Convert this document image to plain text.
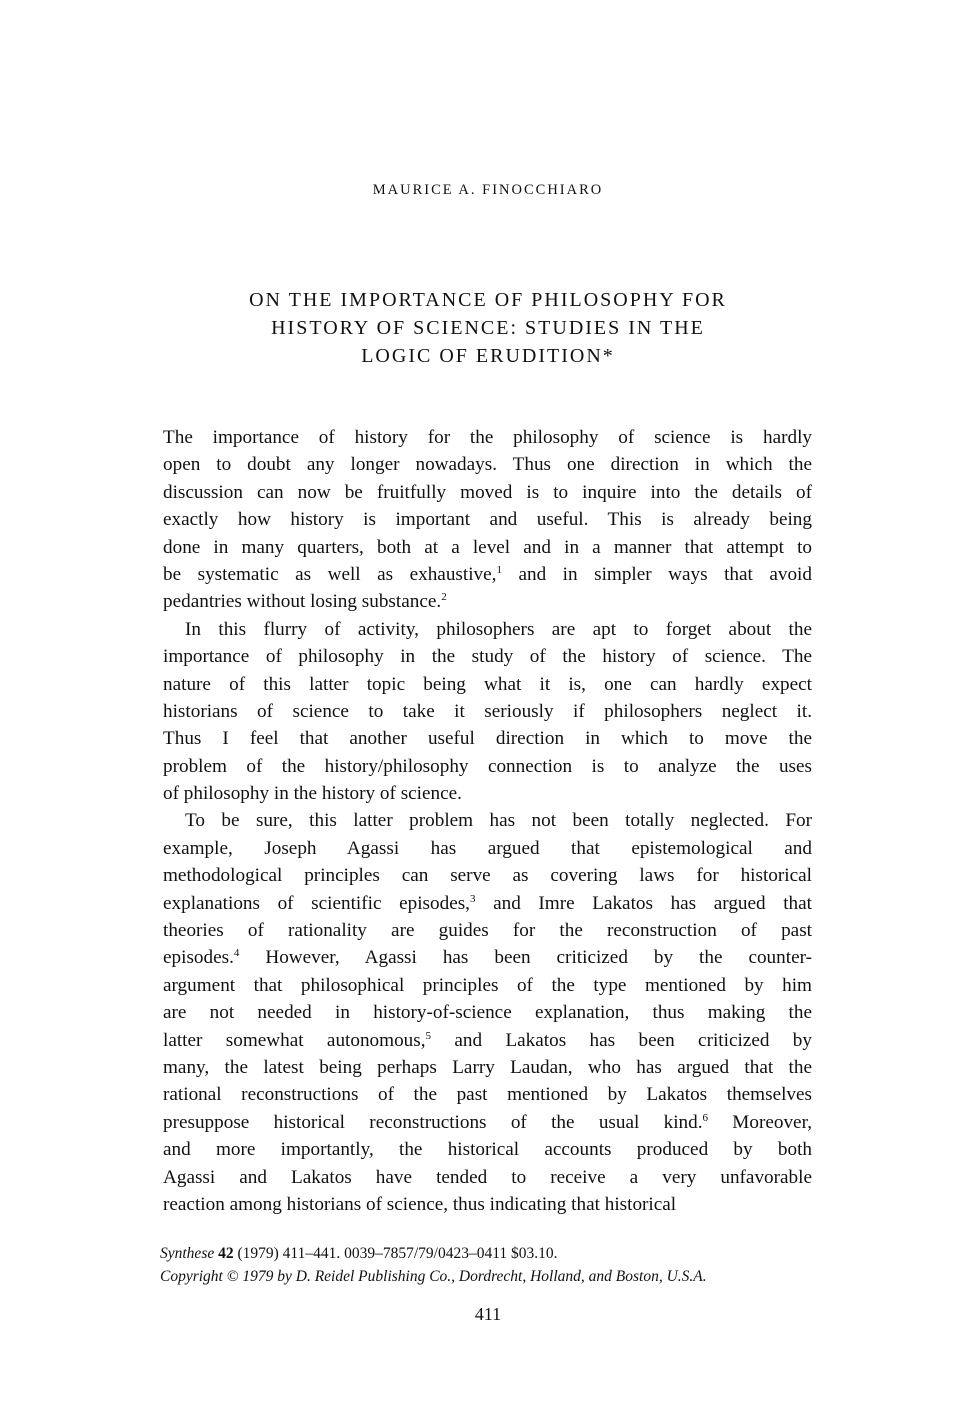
MAURICE A. FINOCCHIARO
ON THE IMPORTANCE OF PHILOSOPHY FOR
HISTORY OF SCIENCE: STUDIES IN THE
LOGIC OF ERUDITION*
The importance of history for the philosophy of science is hardly
open to doubt any longer nowadays. Thus one direction in which the
discussion can now be fruitfully moved is to inquire into the details of
exactly how history is important and useful. This is already being
done in many quarters, both at a level and in a manner that attempt to
be systematic as well as exhaustive,$^1$ and in simpler ways that avoid
pedantries without losing substance.$^2$
In this flurry of activity, philosophers are apt to forget about the
importance of philosophy in the study of the history of science. The
nature of this latter topic being what it is, one can hardly expect
historians of science to take it seriously if philosophers neglect it.
Thus I feel that another useful direction in which to move the
problem of the history/philosophy connection is to analyze the uses
of philosophy in the history of science.
To be sure, this latter problem has not been totally neglected. For
example, Joseph Agassi has argued that epistemological and
methodological principles can serve as covering laws for historical
explanations of scientific episodes,$^3$ and Imre Lakatos has argued that
theories of rationality are guides for the reconstruction of past
episodes.$^4$ However, Agassi has been criticized by the counter-
argument that philosophical principles of the type mentioned by him
are not needed in history-of-science explanation, thus making the
latter somewhat autonomous,$^5$ and Lakatos has been criticized by
many, the latest being perhaps Larry Laudan, who has argued that the
rational reconstructions of the past mentioned by Lakatos themselves
presuppose historical reconstructions of the usual kind.$^6$ Moreover,
and more importantly, the historical accounts produced by both
Agassi and Lakatos have tended to receive a very unfavorable
reaction among historians of science, thus indicating that historical
Synthese 42 (1979) 411–441. 0039–7857/79/0423–0411 $03.10.
Copyright © 1979 by D. Reidel Publishing Co., Dordrecht, Holland, and Boston, U.S.A.
411
